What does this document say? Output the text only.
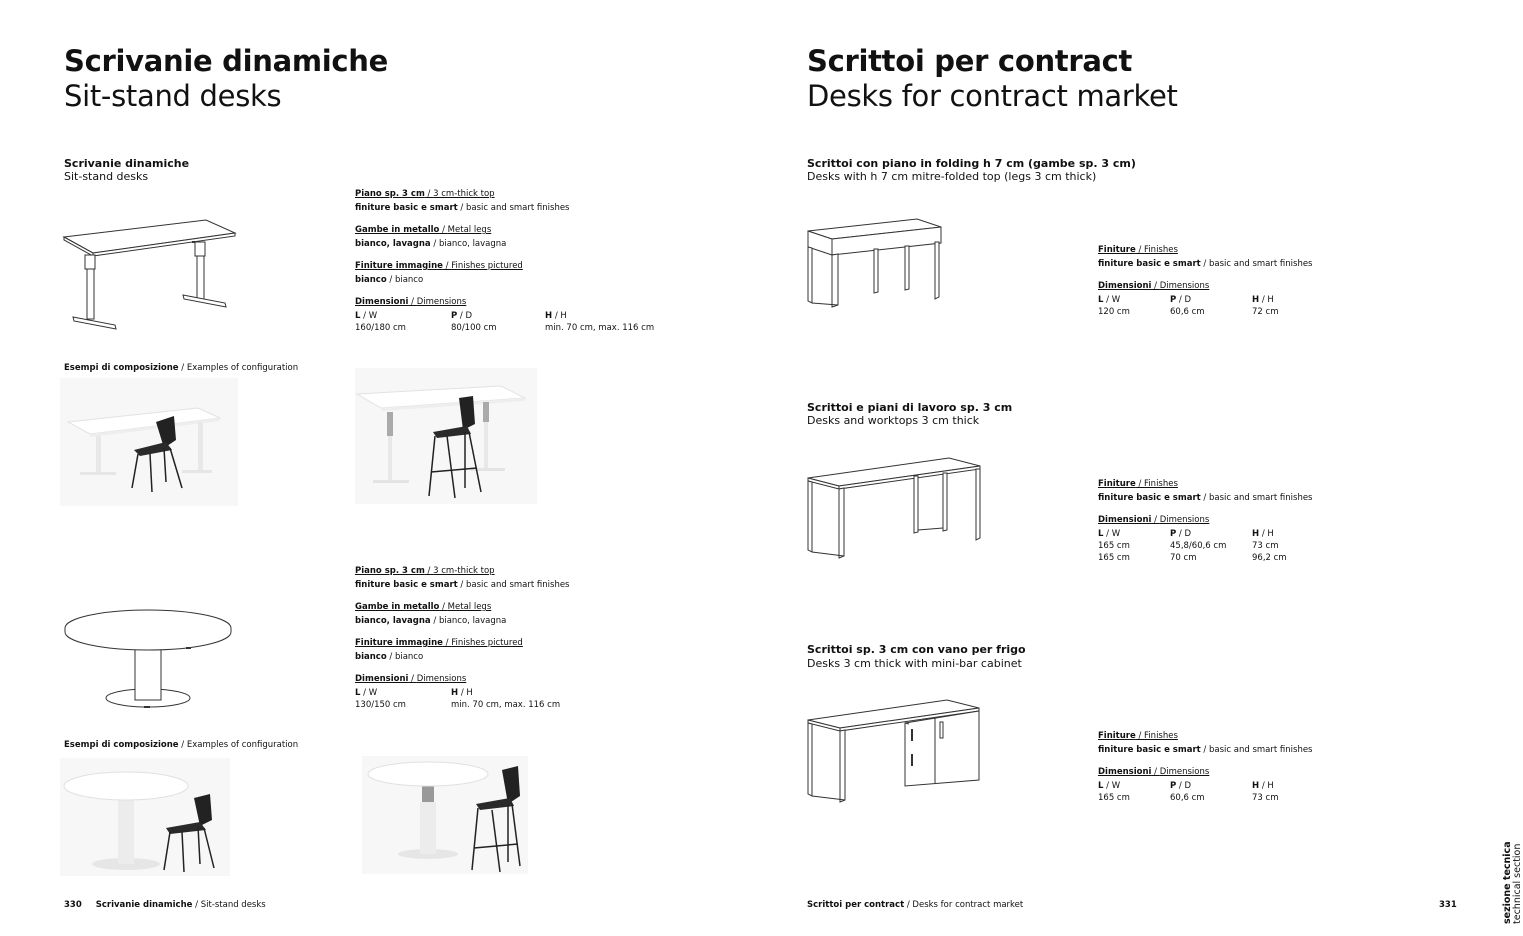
Scrivanie dinamiche
Sit-stand desks
Scrivanie dinamiche
Sit-stand desks
Piano sp. 3 cm / 3 cm-thick top
finiture basic e smart / basic and smart finishes
Gambe in metallo / Metal legs
bianco, lavagna / bianco, lavagna
Finiture immagine / Finishes pictured
bianco / bianco
Dimensioni / Dimensions
L / W
160/180 cm
P / D
80/100 cm
H / H
min. 70 cm, max. 116 cm
Esempi di composizione / Examples of configuration
Piano sp. 3 cm / 3 cm-thick top
finiture basic e smart / basic and smart finishes
Gambe in metallo / Metal legs
bianco, lavagna / bianco, lavagna
Finiture immagine / Finishes pictured
bianco / bianco
Dimensioni / Dimensions
L / W
130/150 cm
H / H
min. 70 cm, max. 116 cm
Esempi di composizione / Examples of configuration
330 Scrivanie dinamiche / Sit-stand desks
Scrittoi per contract
Desks for contract market
Scrittoi con piano in folding h 7 cm (gambe sp. 3 cm)
Desks with h 7 cm mitre-folded top (legs 3 cm thick)
Finiture / Finishes
finiture basic e smart / basic and smart finishes
Dimensioni / Dimensions
L / W
120 cm
P / D
60,6 cm
H / H
72 cm
Scrittoi e piani di lavoro sp. 3 cm
Desks and worktops 3 cm thick
Finiture / Finishes
finiture basic e smart / basic and smart finishes
Dimensioni / Dimensions
L / W
165 cm
165 cm
P / D
45,8/60,6 cm
70 cm
H / H
73 cm
96,2 cm
Scrittoi sp. 3 cm con vano per frigo
Desks 3 cm thick with mini-bar cabinet
Finiture / Finishes
finiture basic e smart / basic and smart finishes
Dimensioni / Dimensions
L / W
165 cm
P / D
60,6 cm
H / H
73 cm
Scrittoi per contract / Desks for contract market	331	sezione tecnica technical section
